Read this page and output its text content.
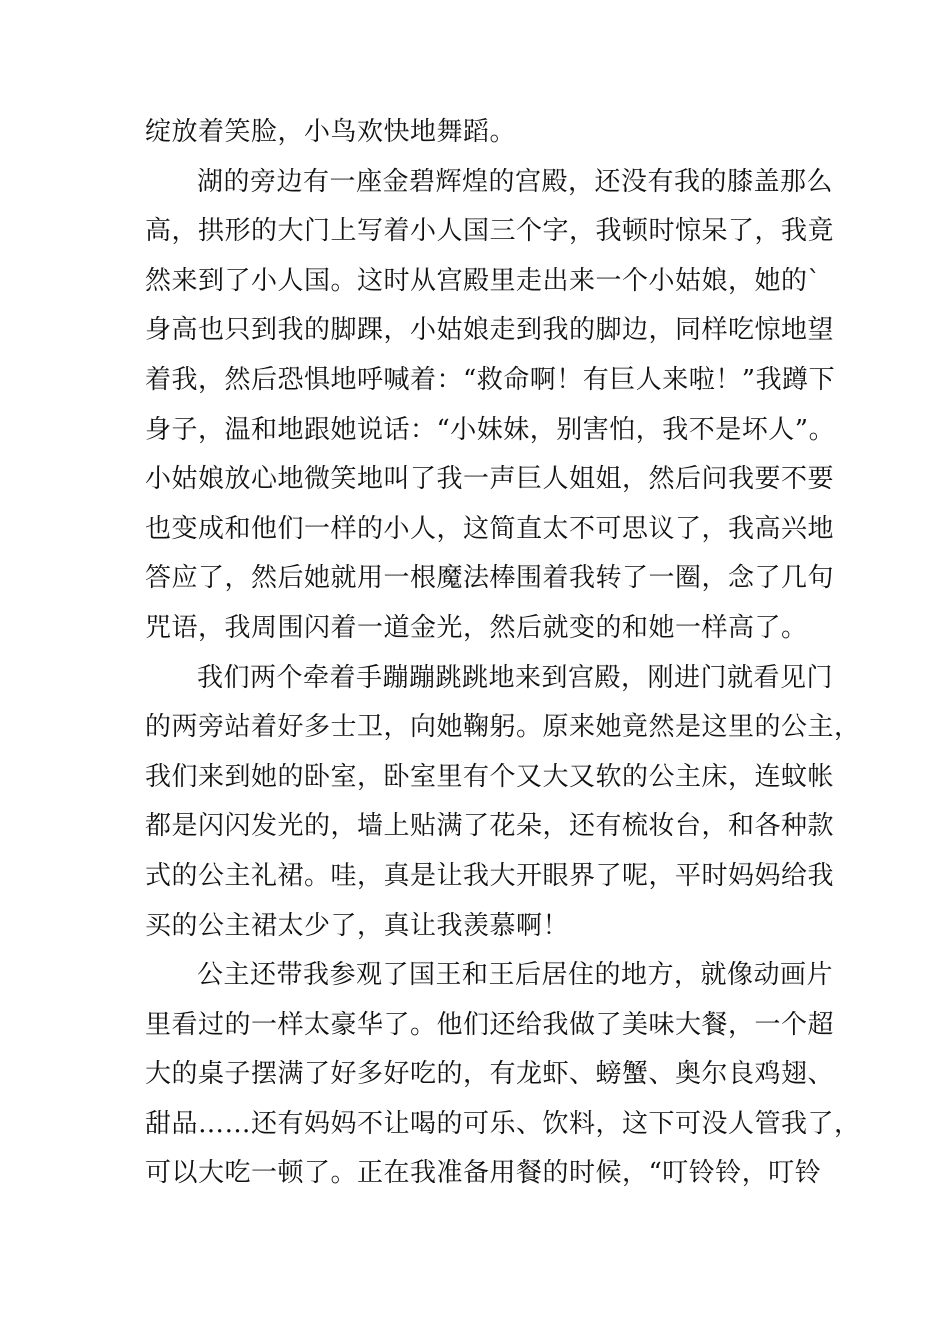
绽放着笑脸，小鸟欢快地舞蹈。
湖的旁边有一座金碧辉煌的宫殿，还没有我的膝盖那么
高，拱形的大门上写着小人国三个字，我顿时惊呆了，我竟
然来到了小人国。这时从宫殿里走出来一个小姑娘，她的`
身高也只到我的脚踝，小姑娘走到我的脚边，同样吃惊地望
着我，然后恐惧地呼喊着：“救命啊！有巨人来啦！”我蹲下
身子，温和地跟她说话：“小妹妹，别害怕，我不是坏人”。
小姑娘放心地微笑地叫了我一声巨人姐姐，然后问我要不要
也变成和他们一样的小人，这简直太不可思议了，我高兴地
答应了，然后她就用一根魔法棒围着我转了一圈，念了几句
咒语，我周围闪着一道金光，然后就变的和她一样高了。
我们两个牵着手蹦蹦跳跳地来到宫殿，刚进门就看见门
的两旁站着好多士卫，向她鞠躬。原来她竟然是这里的公主，
我们来到她的卧室，卧室里有个又大又软的公主床，连蚊帐
都是闪闪发光的，墙上贴满了花朵，还有梳妆台，和各种款
式的公主礼裙。哇，真是让我大开眼界了呢，平时妈妈给我
买的公主裙太少了，真让我羡慕啊！
公主还带我参观了国王和王后居住的地方，就像动画片
里看过的一样太豪华了。他们还给我做了美味大餐，一个超
大的桌子摆满了好多好吃的，有龙虾、螃蟹、奥尔良鸡翅、
甜品……还有妈妈不让喝的可乐、饮料，这下可没人管我了，
可以大吃一顿了。正在我准备用餐的时候，“叮铃铃，叮铃
